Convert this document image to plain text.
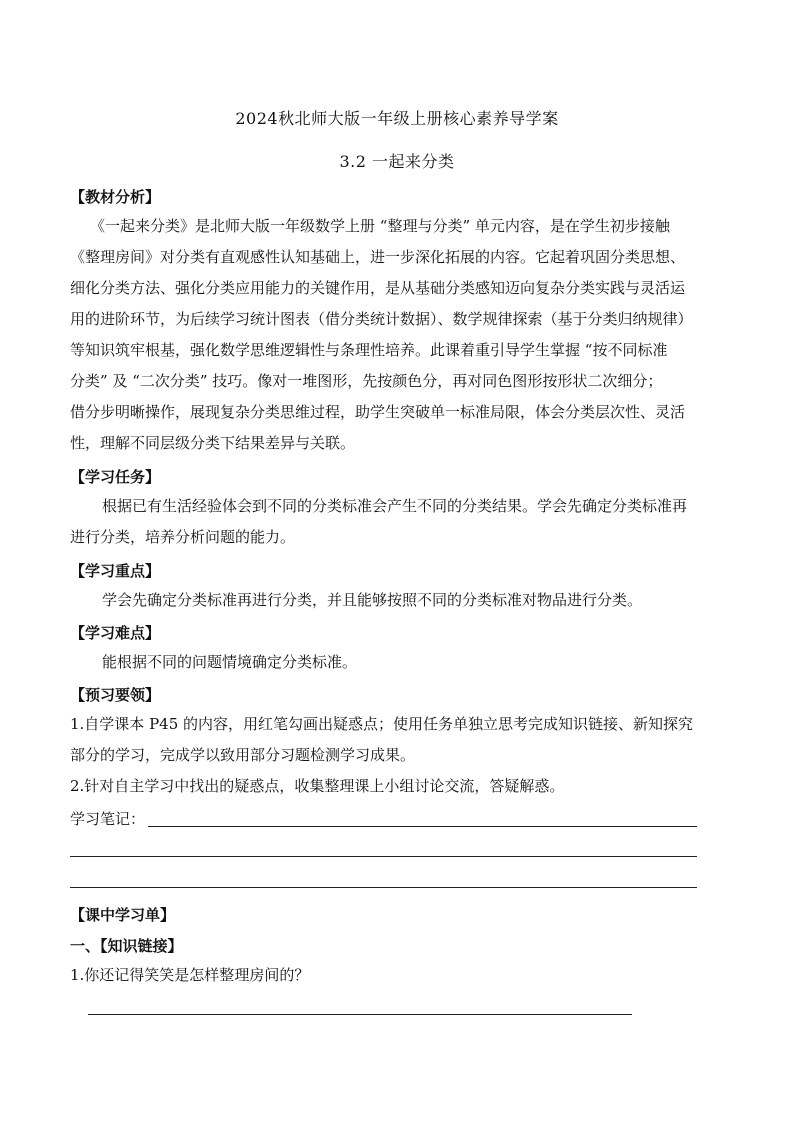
2024秋北师大版一年级上册核心素养导学案
3.2 一起来分类
【教材分析】
《一起来分类》是北师大版一年级数学上册 “整理与分类” 单元内容，是在学生初步接触
《整理房间》对分类有直观感性认知基础上，进一步深化拓展的内容。它起着巩固分类思想、
细化分类方法、强化分类应用能力的关键作用，是从基础分类感知迈向复杂分类实践与灵活运
用的进阶环节，为后续学习统计图表（借分类统计数据）、数学规律探索（基于分类归纳规律）
等知识筑牢根基，强化数学思维逻辑性与条理性培养。此课着重引导学生掌握 “按不同标准
分类” 及 “二次分类” 技巧。像对一堆图形，先按颜色分，再对同色图形按形状二次细分；
借分步明晰操作，展现复杂分类思维过程，助学生突破单一标准局限，体会分类层次性、灵活
性，理解不同层级分类下结果差异与关联。
【学习任务】
根据已有生活经验体会到不同的分类标准会产生不同的分类结果。学会先确定分类标准再
进行分类，培养分析问题的能力。
【学习重点】
学会先确定分类标准再进行分类，并且能够按照不同的分类标准对物品进行分类。
【学习难点】
能根据不同的问题情境确定分类标准。
【预习要领】
1.自学课本 P45 的内容，用红笔勾画出疑惑点；使用任务单独立思考完成知识链接、新知探究
部分的学习，完成学以致用部分习题检测学习成果。
2.针对自主学习中找出的疑惑点，收集整理课上小组讨论交流，答疑解惑。
学习笔记：
【课中学习单】
一、【知识链接】
1.你还记得笑笑是怎样整理房间的？
